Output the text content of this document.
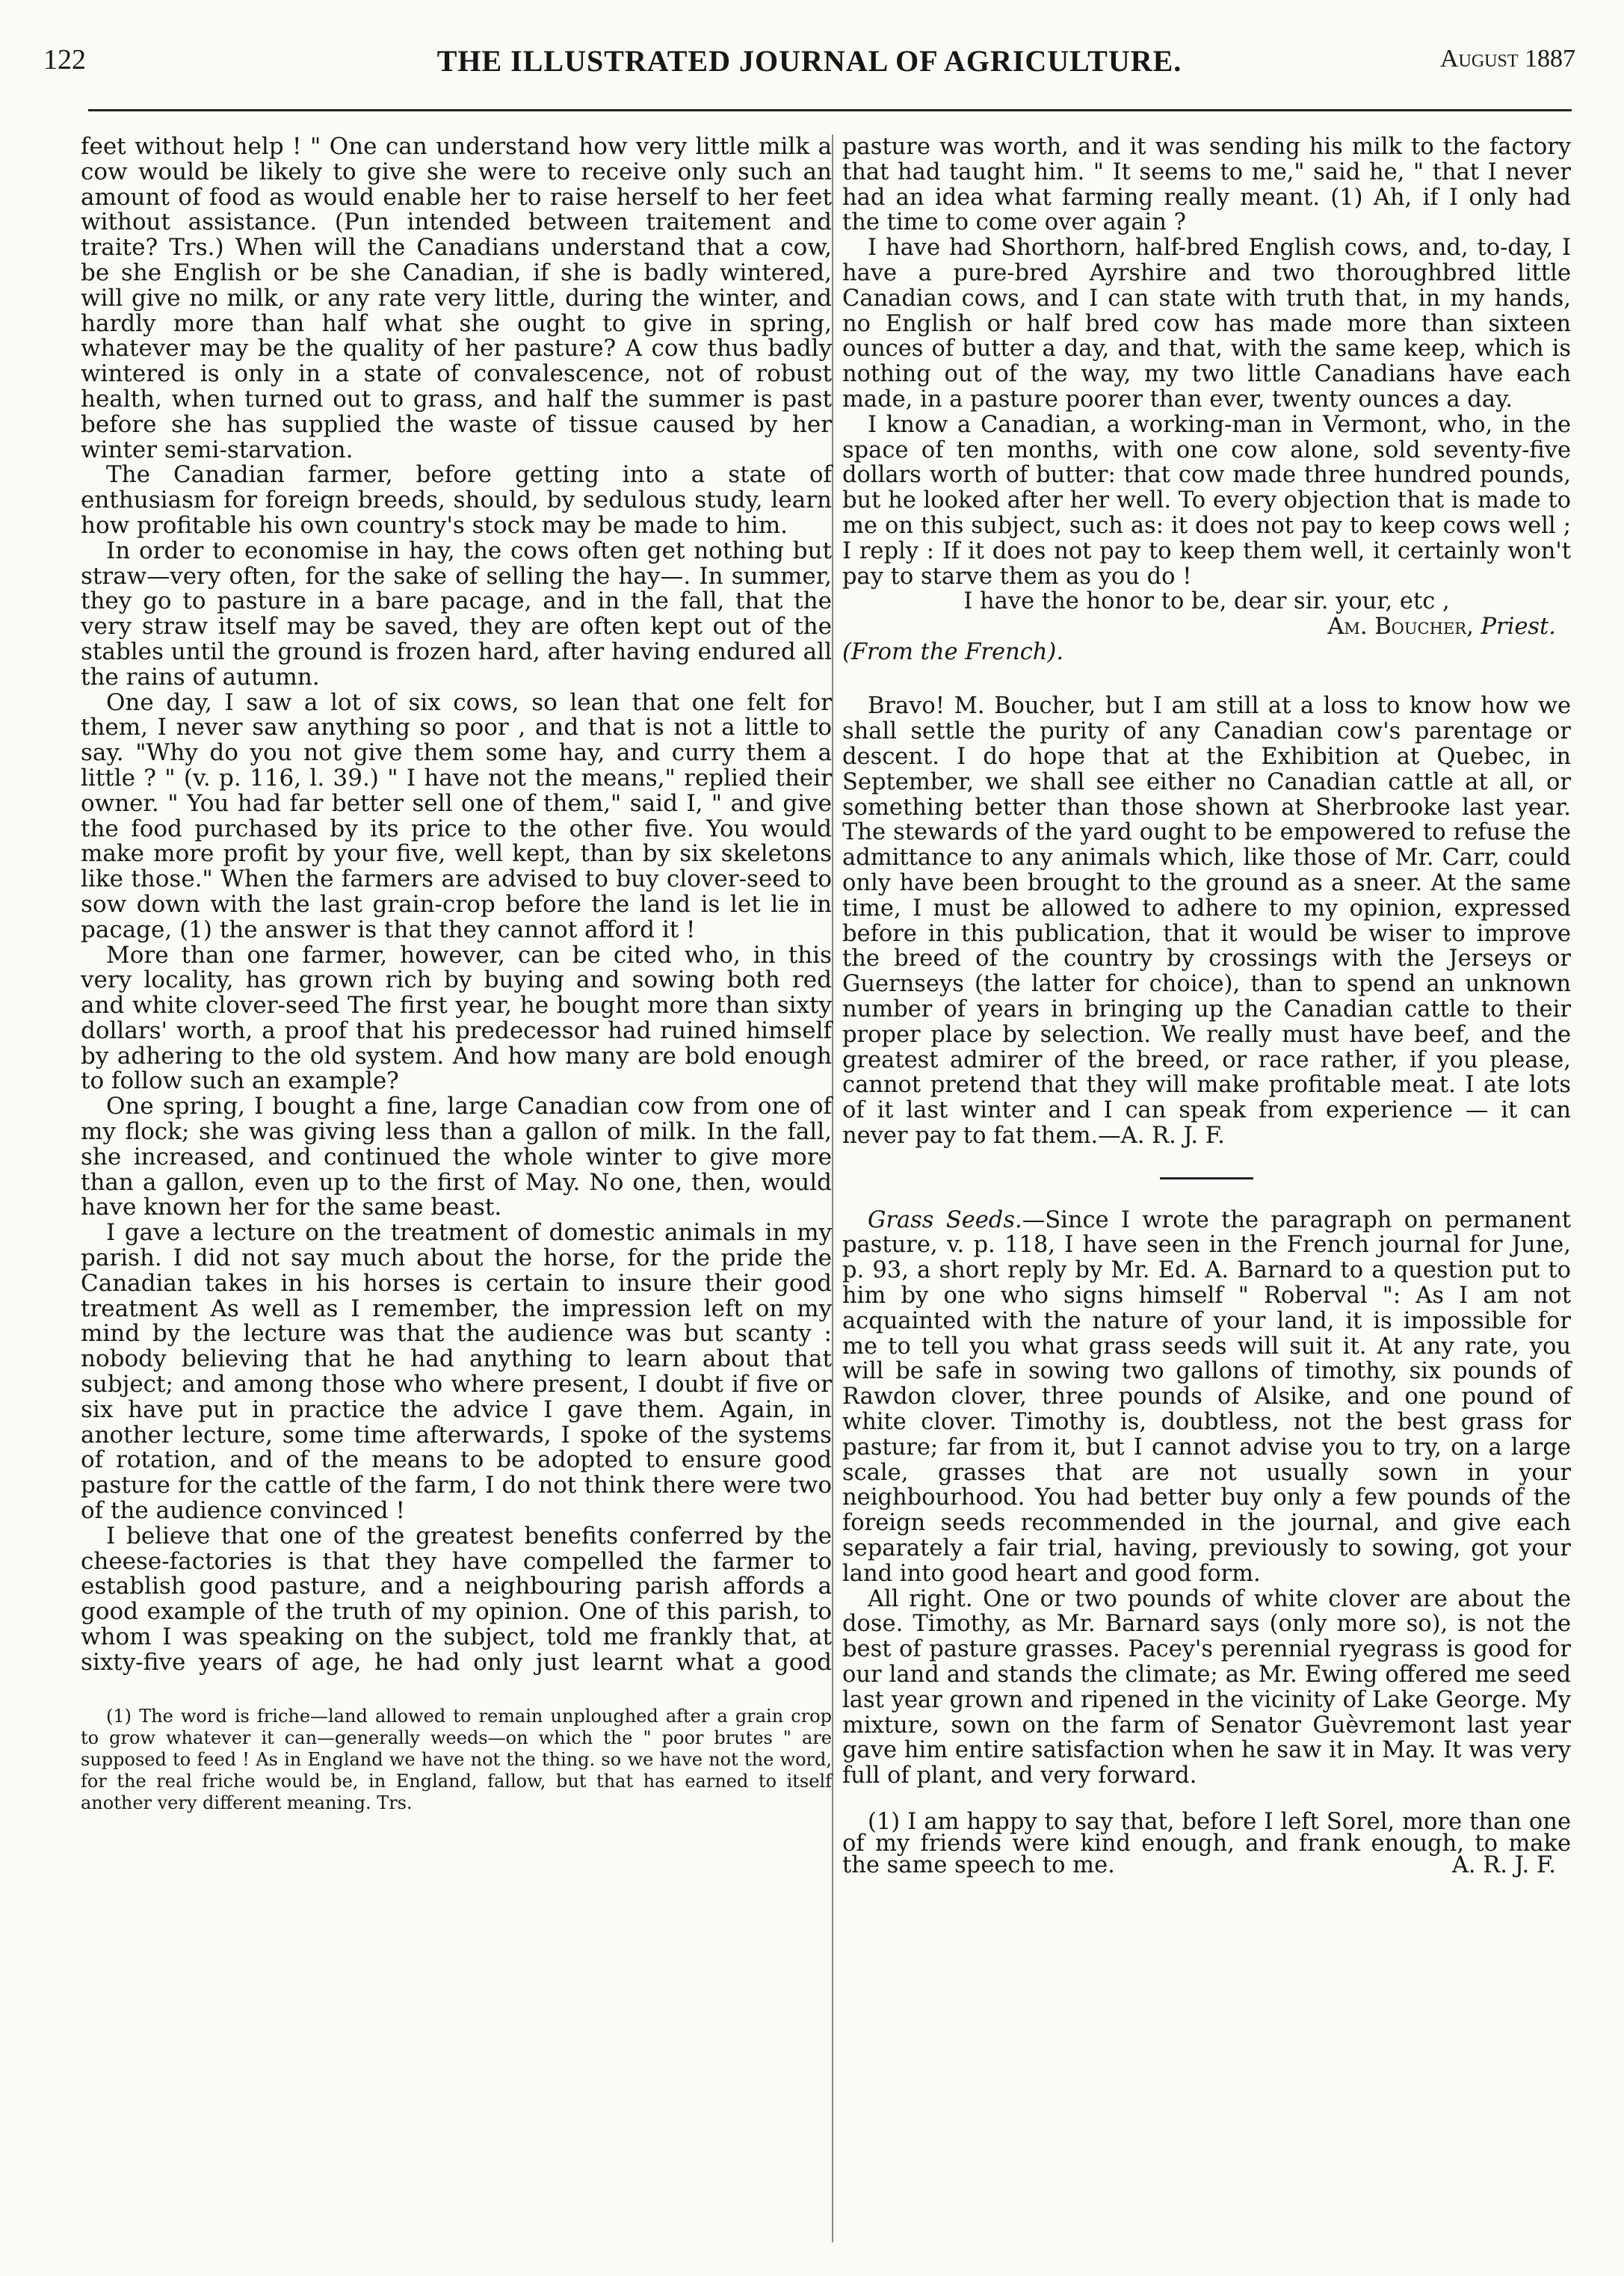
122	THE ILLUSTRATED JOURNAL OF AGRICULTURE.	August 1887

feet without help ! " One can understand how very little milk a cow would be likely to give she were to receive only such an amount of food as would enable her to raise herself to her feet without assistance. (Pun intended between traitement and traite? Trs.) When will the Canadians understand that a cow, be she English or be she Canadian, if she is badly wintered, will give no milk, or any rate very little, during the winter, and hardly more than half what she ought to give in spring, whatever may be the quality of her pasture? A cow thus badly wintered is only in a state of convalescence, not of robust health, when turned out to grass, and half the summer is past before she has supplied the waste of tissue caused by her winter semi-starvation.

The Canadian farmer, before getting into a state of enthusiasm for foreign breeds, should, by sedulous study, learn how profitable his own country's stock may be made to him.

In order to economise in hay, the cows often get nothing but straw—very often, for the sake of selling the hay—. In summer, they go to pasture in a bare pacage, and in the fall, that the very straw itself may be saved, they are often kept out of the stables until the ground is frozen hard, after having endured all the rains of autumn.

One day, I saw a lot of six cows, so lean that one felt for them, I never saw anything so poor , and that is not a little to say. "Why do you not give them some hay, and curry them a little ? " (v. p. 116, l. 39.) " I have not the means," replied their owner. " You had far better sell one of them," said I, " and give the food purchased by its price to the other five. You would make more profit by your five, well kept, than by six skeletons like those." When the farmers are advised to buy clover-seed to sow down with the last grain-crop before the land is let lie in pacage, (1) the answer is that they cannot afford it !

More than one farmer, however, can be cited who, in this very locality, has grown rich by buying and sowing both red and white clover-seed The first year, he bought more than sixty dollars' worth, a proof that his predecessor had ruined himself by adhering to the old system. And how many are bold enough to follow such an example?

One spring, I bought a fine, large Canadian cow from one of my flock; she was giving less than a gallon of milk. In the fall, she increased, and continued the whole winter to give more than a gallon, even up to the first of May. No one, then, would have known her for the same beast.

I gave a lecture on the treatment of domestic animals in my parish. I did not say much about the horse, for the pride the Canadian takes in his horses is certain to insure their good treatment As well as I remember, the impression left on my mind by the lecture was that the audience was but scanty : nobody believing that he had anything to learn about that subject; and among those who where present, I doubt if five or six have put in practice the advice I gave them. Again, in another lecture, some time afterwards, I spoke of the systems of rotation, and of the means to be adopted to ensure good pasture for the cattle of the farm, I do not think there were two of the audience convinced !

I believe that one of the greatest benefits conferred by the cheese-factories is that they have compelled the farmer to establish good pasture, and a neighbouring parish affords a good example of the truth of my opinion. One of this parish, to whom I was speaking on the subject, told me frankly that, at sixty-five years of age, he had only just learnt what a good

(1) The word is friche—land allowed to remain unploughed after a grain crop to grow whatever it can—generally weeds—on which the " poor brutes " are supposed to feed ! As in England we have not the thing. so we have not the word, for the real friche would be, in England, fallow, but that has earned to itself another very different meaning. Trs.

pasture was worth, and it was sending his milk to the factory that had taught him. " It seems to me," said he, " that I never had an idea what farming really meant. (1) Ah, if I only had the time to come over again ?

I have had Shorthorn, half-bred English cows, and, to-day, I have a pure-bred Ayrshire and two thoroughbred little Canadian cows, and I can state with truth that, in my hands, no English or half bred cow has made more than sixteen ounces of butter a day, and that, with the same keep, which is nothing out of the way, my two little Canadians have each made, in a pasture poorer than ever, twenty ounces a day.

I know a Canadian, a working-man in Vermont, who, in the space of ten months, with one cow alone, sold seventy-five dollars worth of butter: that cow made three hundred pounds, but he looked after her well. To every objection that is made to me on this subject, such as: it does not pay to keep cows well ; I reply : If it does not pay to keep them well, it certainly won't pay to starve them as you do !

I have the honor to be, dear sir. your, etc ,

Am. Boucher, Priest.

(From the French).

Bravo! M. Boucher, but I am still at a loss to know how we shall settle the purity of any Canadian cow's parentage or descent. I do hope that at the Exhibition at Quebec, in September, we shall see either no Canadian cattle at all, or something better than those shown at Sherbrooke last year. The stewards of the yard ought to be empowered to refuse the admittance to any animals which, like those of Mr. Carr, could only have been brought to the ground as a sneer. At the same time, I must be allowed to adhere to my opinion, expressed before in this publication, that it would be wiser to improve the breed of the country by crossings with the Jerseys or Guernseys (the latter for choice), than to spend an unknown number of years in bringing up the Canadian cattle to their proper place by selection. We really must have beef, and the greatest admirer of the breed, or race rather, if you please, cannot pretend that they will make profitable meat. I ate lots of it last winter and I can speak from experience — it can never pay to fat them.—A. R. J. F.

Grass Seeds.—Since I wrote the paragraph on permanent pasture, v. p. 118, I have seen in the French journal for June, p. 93, a short reply by Mr. Ed. A. Barnard to a question put to him by one who signs himself " Roberval ": As I am not acquainted with the nature of your land, it is impossible for me to tell you what grass seeds will suit it. At any rate, you will be safe in sowing two gallons of timothy, six pounds of Rawdon clover, three pounds of Alsike, and one pound of white clover. Timothy is, doubtless, not the best grass for pasture; far from it, but I cannot advise you to try, on a large scale, grasses that are not usually sown in your neighbourhood. You had better buy only a few pounds of the foreign seeds recommended in the journal, and give each separately a fair trial, having, previously to sowing, got your land into good heart and good form.

All right. One or two pounds of white clover are about the dose. Timothy, as Mr. Barnard says (only more so), is not the best of pasture grasses. Pacey's perennial ryegrass is good for our land and stands the climate; as Mr. Ewing offered me seed last year grown and ripened in the vicinity of Lake George. My mixture, sown on the farm of Senator Guèvremont last year gave him entire satisfaction when he saw it in May. It was very full of plant, and very forward.

(1) I am happy to say that, before I left Sorel, more than one of my friends were kind enough, and frank enough, to make the same speech to me.	A. R. J. F.
